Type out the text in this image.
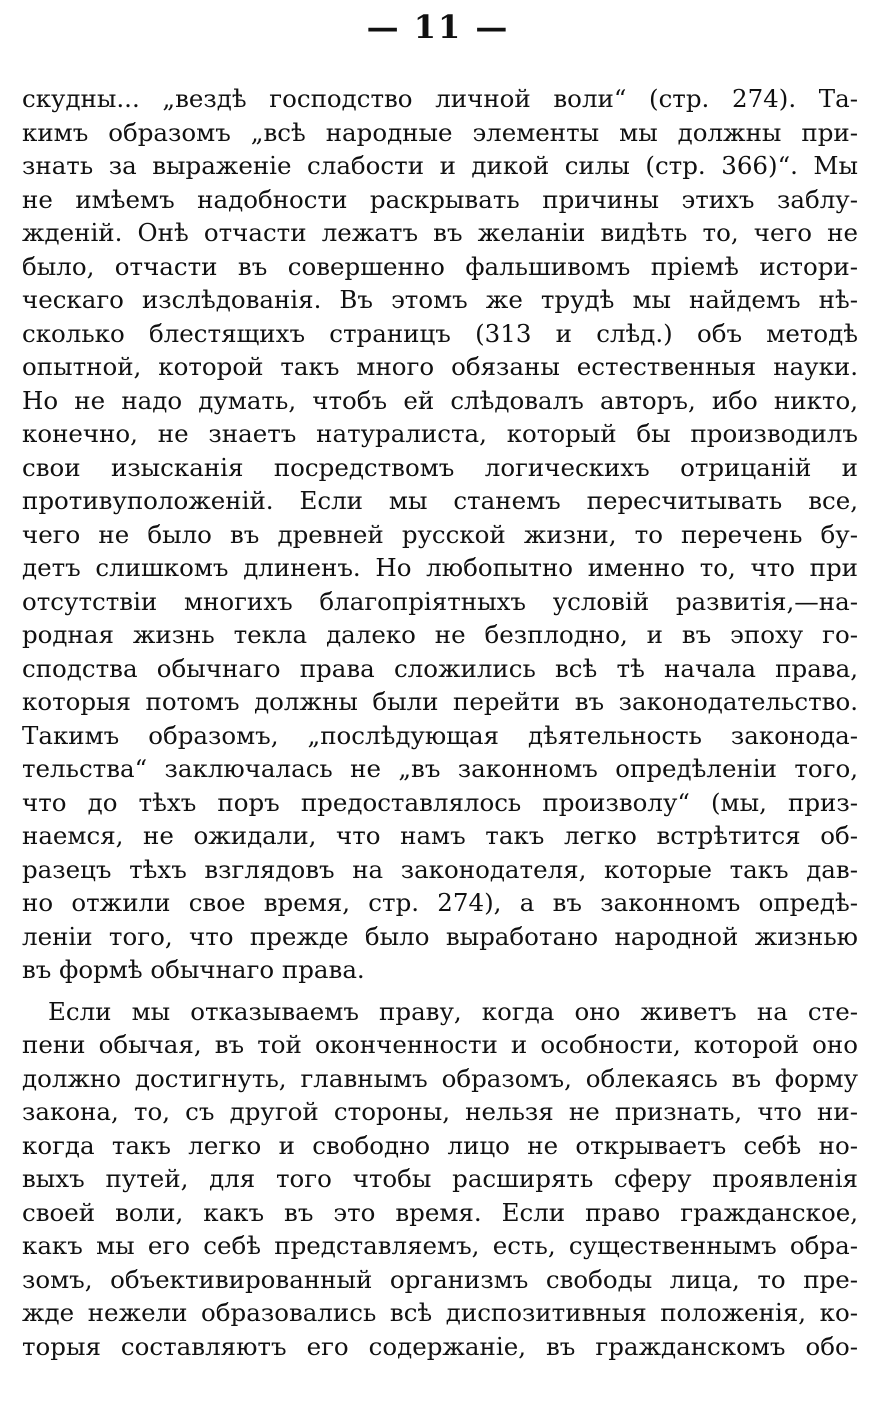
— 11 —
скудны... „вездѣ господство личной воли“ (стр. 274). Та-
кимъ образомъ „всѣ народные элементы мы должны при-
знать за выраженіе слабости и дикой силы (стр. 366)“. Мы
не имѣемъ надобности раскрывать причины этихъ заблу-
жденій. Онѣ отчасти лежатъ въ желаніи видѣть то, чего не
было, отчасти въ совершенно фальшивомъ пріемѣ истори-
ческаго изслѣдованія. Въ этомъ же трудѣ мы найдемъ нѣ-
сколько блестящихъ страницъ (313 и слѣд.) объ методѣ
опытной, которой такъ много обязаны естественныя науки.
Но не надо думать, чтобъ ей слѣдовалъ авторъ, ибо никто,
конечно, не знаетъ натуралиста, который бы производилъ
свои изысканія посредствомъ логическихъ отрицаній и
противуположеній. Если мы станемъ пересчитывать все,
чего не было въ древней русской жизни, то перечень бу-
детъ слишкомъ длиненъ. Но любопытно именно то, что при
отсутствіи многихъ благопріятныхъ условій развитія,—на-
родная жизнь текла далеко не безплодно, и въ эпоху го-
сподства обычнаго права сложились всѣ тѣ начала права,
которыя потомъ должны были перейти въ законодательство.
Такимъ образомъ, „послѣдующая дѣятельность законода-
тельства“ заключалась не „въ законномъ опредѣленіи того,
что до тѣхъ поръ предоставлялось произволу“ (мы, приз-
наемся, не ожидали, что намъ такъ легко встрѣтится об-
разецъ тѣхъ взглядовъ на законодателя, которые такъ дав-
но отжили свое время, стр. 274), а въ законномъ опредѣ-
леніи того, что прежде было выработано народной жизнью
въ формѣ обычнаго права.
Если мы отказываемъ праву, когда оно живетъ на сте-
пени обычая, въ той оконченности и особности, которой оно
должно достигнуть, главнымъ образомъ, облекаясь въ форму
закона, то, съ другой стороны, нельзя не признать, что ни-
когда такъ легко и свободно лицо не открываетъ себѣ но-
выхъ путей, для того чтобы расширять сферу проявленія
своей воли, какъ въ это время. Если право гражданское,
какъ мы его себѣ представляемъ, есть, существеннымъ обра-
зомъ, объективированный организмъ свободы лица, то пре-
жде нежели образовались всѣ диспозитивныя положенія, ко-
торыя составляютъ его содержаніе, въ гражданскомъ обо-
